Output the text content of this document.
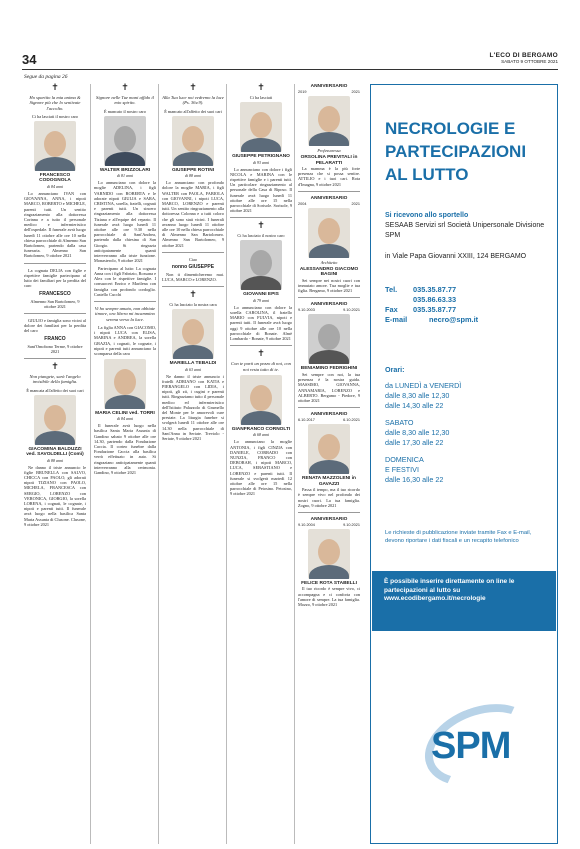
34	L'ECO DI BERGAMO
SABATO 9 OTTOBRE 2021
Segue da pagina 26
✝
Ho spartito la mia anima & Signore più che lo sentivate l'accolto.
Ci ha lasciati il nostro caro
FRANCESCO CODOGNOLA
di 84 anni

Lo annunciano IVAN con GIOVANNA, ANNA, i nipoti MARCO, ROBERTO e MICHELE, parenti tutti. Un sentito ringraziamento alla dottoressa Corinna e a tutto il personale medico e infermieristico dell'ospedale. Il funerale avrà luogo lunedì 11 ottobre alle ore 10 nella chiesa parrocchiale di Almenno San Bartolomeo, partendo dalla casa funeraria. Almenno San Bartolomeo, 9 ottobre 2021

La cognata DELIA con figlie e rispettive famiglie partecipano al lutto dei familiari per la perdita del caro

FRANCESCO
Almenno San Bartolomeo, 9 ottobre 2021

GIULIO e famiglia sono vicini al dolore dei familiari per la perdita del caro

FRANCO
Sant'Omobono Terme, 9 ottobre 2021
✝
Non piangete, sarà l'angelo invisibile della famiglia.
È mancata all'affetto dei suoi cari
GIACOMINA BALDUZZI ved. SAVOLDELLI (Comì)
di 88 anni

Ne danno il triste annuncio le figlie BRUNELLA con SALVO, CHICCA con PAOLO, gli adorati nipoti TIZIANO con PAOLO, MICHELA, FRANCESCA con SERGIO, LORENZO con VERONICA, GIORGIO, la sorella LORENA, i cognati, le cognate, i nipoti e parenti tutti. Il funerale avrà luogo nella basilica Santa Maria Assunta di Clusone. Clusone, 9 ottobre 2021

✝
Signore nelle Tue mani affido il mio spirito.
È mancato il nostro caro
WALTER BRIZZOLARI
di 81 anni

Lo annunciano con dolore la moglie ADELINA, i figli VARNIDO con ROBERTA e le adorate nipoti GIULIA e SARA, CRISTINA, sorella, fratelli, cognati e parenti tutti. Un sincero ringraziamento alla dottoressa Tiziana e all'equipe del reparto. Il funerale avrà luogo lunedì 11 ottobre alle ore 9.30 nella parrocchiale di Sant'Andrea, partendo dalla chiesina di San Giorgio. Si ringrazia anticipatamente quanti interverranno alla triste funzione. Monasterolo, 9 ottobre 2021

Partecipano al lutto: La cognata Anna con i figli Fabrizio, Rossana e Alex con le rispettive famiglie. I consuoceri Enrico e Marilena con famiglia con profondo cordoglio. Castello Cucchi

Vi ho sempre amato, non abbiate timore, ora libera mi incammino serena verso la luce.

La figlia ANNA con GIACOMO, i nipoti LUCA con ELISA, MARINA e ANDREA, la sorella GRAZIA, i cognati, le cognate, i nipoti e parenti tutti annunciano la scomparsa della cara

MARIA CELINI ved. TORRI
di 84 anni

Il funerale avrà luogo nella basilica Santa Maria Assunta di Gandino sabato 9 ottobre alle ore 14.30, partendo dalla Fondazione Caccia. Il corteo funebre dalla Fondazione Caccia alla basilica verrà effettuato in auto. Si ringraziano anticipatamente quanti interverranno alla cerimonia. Gandino, 9 ottobre 2021

✝
Alla Tua luce noi vedremo la luce (Ps. 36v.9).
È mancato all'affetto dei suoi cari
GIUSEPPE ROTINI
di 88 anni

Lo annunciano con profondo dolore la moglie MARIA, i figli WALTER con PAOLA, FABIOLA con GIOVANNI, i nipoti LUCA, MARCO, LORENZO e parenti tutti. Un sentito ringraziamento alla dottoressa Colonna e a tutti coloro che gli sono stati vicini. I funerali avranno luogo lunedì 11 ottobre alle ore 10 nella chiesa parrocchiale di Almenno San Bartolomeo. Almenno San Bartolomeo, 9 ottobre 2021

Ciao
nonno GIUSEPPE

Non ti dimenticheremo mai. LUCA, MARCO e LORENZO.

✝
Ci ha lasciato la nostra cara
MARIELLA TEBALDI
di 63 anni

Ne danno il triste annuncio i fratelli ADRIANO con KATIA e PIERANGELO con LIDIA, i nipoti, gli zii, i cugini e parenti tutti. Ringraziamo tutto il personale medico ed infermieristico dell'Istituto Palazzolo di Grumello del Monte per le amorevoli cure prestate. La liturgia funebre si svolgerà lunedì 11 ottobre alle ore 14.30 nella parrocchiale di Sant'Anna in Seriate. Treviolo - Seriate, 9 ottobre 2021

✝
Ci ha lasciati
GIUSEPPE PETRIGNANO
di 93 anni

Lo annunciano con dolore i figli NICOLA e MARINA con le rispettive famiglie e i parenti tutti. Un particolare ringraziamento al personale della Casa di Riposo. Il funerale avrà luogo lunedì 11 ottobre alle ore 15 nella parrocchiale di Sorisole. Sorisole, 9 ottobre 2021

✝
Ci ha lasciato il nostro caro
GIOVANNI EPIS
di 79 anni

Lo annunciano con dolore la sorella CAROLINA, il fratello MARIO con FULVIA, nipoti e parenti tutti. Il funerale avrà luogo oggi 9 ottobre alle ore 10 nella parrocchiale di Bonate. Almè Lombardo - Bonate, 9 ottobre 2021

✝
Con te parti un pezzo di noi, con noi resta tutto di te.
GIANFRANCO CORNOLTI
di 68 anni

Lo annunciano la moglie ANTONIA, i figli CINZIA con DANIELE, CORRADO con NUNZIA, FRANCO con DEBORAH, i nipoti MARCO, LUCA, SEBASTIANO e LORENZO e parenti tutti. Il funerale si svolgerà martedì 12 ottobre alle ore 15 nella parrocchiale di Petosino. Petosino, 9 ottobre 2021

ANNIVERSARIO
2019	2021
Professoressa
ORSOLINA PREVITALI in PELARATTI

La mamma è la più forte presenza che si possa sentire. ATTILIO e i tuoi cari. Rota d'Imagna, 9 ottobre 2021

ANNIVERSARIO
2004	2021
Architetto
ALESSANDRO GIACOMO BAGINI

Sei sempre nei nostri cuori con immutato amore. Tua moglie e tua figlia. Bergamo, 9 ottobre 2021

ANNIVERSARIO
9.10.2003	9.10.2021
BENIAMINO FEDRIGHINI

Sei sempre con noi, la tua presenza è la nostra guida. MASSIMO, GIOVANNA, ANNAMARIA, LORENZO e ALBERTO. Bergamo - Piedore, 9 ottobre 2021

ANNIVERSARIO
6.10.2017	6.10.2021
RENATA MAZZOLENI in GAVAZZI

Passa il tempo, ma il tuo ricordo è sempre vivo nel profondo dei nostri cuori. La tua famiglia. Zogno, 9 ottobre 2021

ANNIVERSARIO
9.10.2004	9.10.2021
FELICE ROTA STABELLI

Il tuo ricordo è sempre vivo, ci accompagna e ci conforta con l'amore di sempre. La tua famiglia. Mozzo, 9 ottobre 2021

NECROLOGIE E
PARTECIPAZIONI
AL LUTTO
Si ricevono allo sportello
SESAAB Servizi srl Società Unipersonale Divisione SPM
in Viale Papa Giovanni XXIII, 124 BERGAMO
Tel.	035.35.87.77
035.86.63.33
Fax	035.35.87.77
E-mail	necro@spm.it
Orari:
da LUNEDÌ a VENERDÌ
dalle 8,30 alle 12,30
dalle 14,30 alle 22
SABATO
dalle 8,30 alle 12,30
dalle 17,30 alle 22
DOMENICA
E FESTIVI
dalle 16,30 alle 22
Le richieste di pubblicazione inviate tramite Fax e E-mail, devono riportare i dati fiscali e un recapito telefonico
È possibile inserire direttamente on line le partecipazioni al lutto su
www.ecodibergamo.it/necrologie
SPM
